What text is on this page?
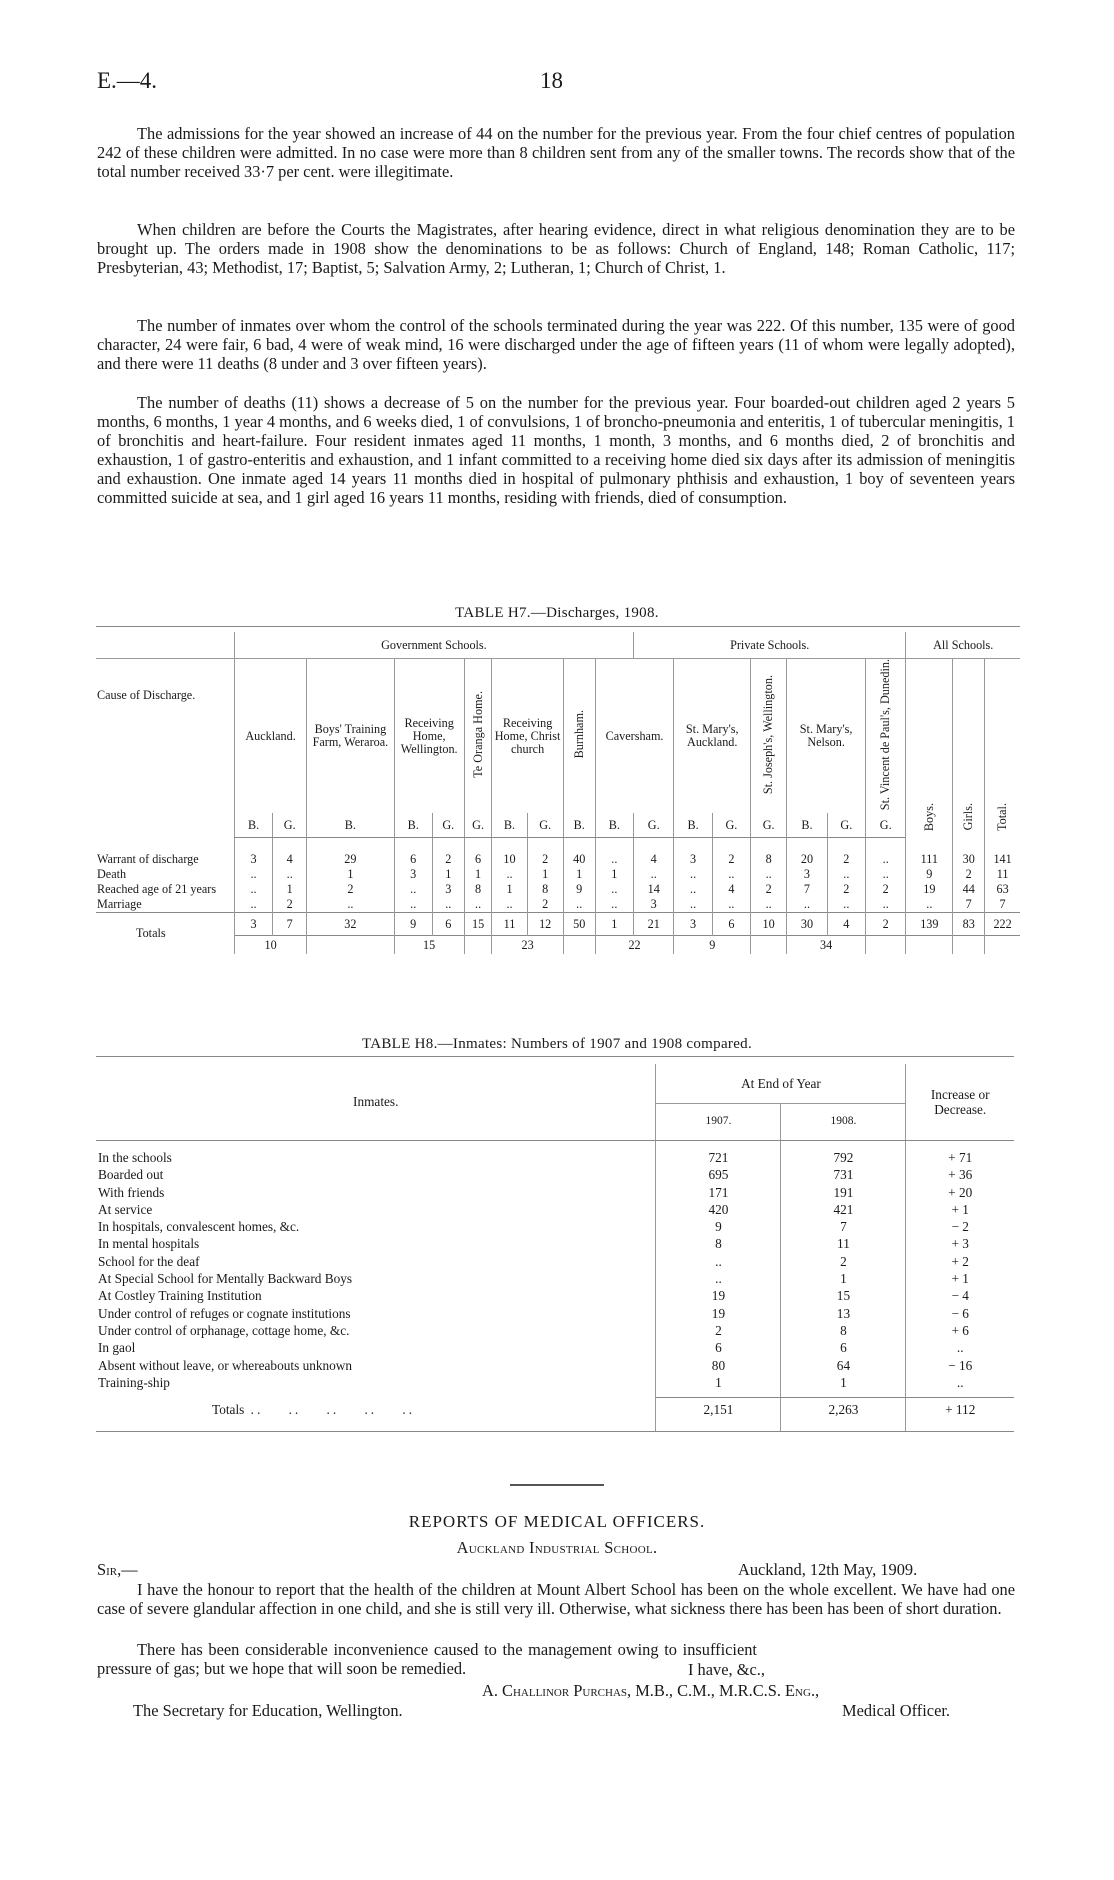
E.—4.	18

The admissions for the year showed an increase of 44 on the number for the previous year. From the four chief centres of population 242 of these children were admitted. In no case were more than 8 children sent from any of the smaller towns. The records show that of the total number received 33·7 per cent. were illegitimate.

When children are before the Courts the Magistrates, after hearing evidence, direct in what religious denomination they are to be brought up. The orders made in 1908 show the denominations to be as follows: Church of England, 148; Roman Catholic, 117; Presbyterian, 43; Methodist, 17; Baptist, 5; Salvation Army, 2; Lutheran, 1; Church of Christ, 1.

The number of inmates over whom the control of the schools terminated during the year was 222. Of this number, 135 were of good character, 24 were fair, 6 bad, 4 were of weak mind, 16 were discharged under the age of fifteen years (11 of whom were legally adopted), and there were 11 deaths (8 under and 3 over fifteen years).

The number of deaths (11) shows a decrease of 5 on the number for the previous year. Four boarded-out children aged 2 years 5 months, 6 months, 1 year 4 months, and 6 weeks died, 1 of convulsions, 1 of broncho-pneumonia and enteritis, 1 of tubercular meningitis, 1 of bronchitis and heart-failure. Four resident inmates aged 11 months, 1 month, 3 months, and 6 months died, 2 of bronchitis and exhaustion, 1 of gastro-enteritis and exhaustion, and 1 infant committed to a receiving home died six days after its admission of meningitis and exhaustion. One inmate aged 14 years 11 months died in hospital of pulmonary phthisis and exhaustion, 1 boy of seventeen years committed suicide at sea, and 1 girl aged 16 years 11 months, residing with friends, died of consumption.

TABLE H7.—Discharges, 1908.
	Government Schools.										Private Schools.							All Schools.		
Cause of Discharge.	Auckland.		Boys' Training Farm, Weraroa.	Receiving Home, Wellington.		Te Oranga Home.	Receiving Home, Christ church		Burnham.	Caversham.		St. Mary's, Auckland.		St. Joseph's, Wellington.	St. Mary's, Nelson.		St. Vincent de Paul's, Dunedin.	Boys.	Girls.	Total.
	B.	G.	B.	B.	G.	G.	B.	G.	B.	B.	G.	B.	G.	G.	B.	G.	G.			
Warrant of discharge	3	4	29	6	2	6	10	2	40	..	4	3	2	8	20	2	..	111	30	141
Death	..	..	1	3	1	1	..	1	1	1	..	..	..	..	3	..	..	9	2	11
Reached age of 21 years	..	1	2	..	3	8	1	8	9	..	14	..	4	2	7	2	2	19	44	63
Marriage	..	2	..	..	..	..	..	2	..	..	3	..	..	..	..	..	..	..	7	7
Totals	3	7	32	9	6	15	11	12	50	1	21	3	6	10	30	4	2	139	83	222
	10			15			23			22		9			34					
TABLE H8.—Inmates: Numbers of 1907 and 1908 compared.
Inmates.	At End of Year		Increase or Decrease.
	1907.	1908.	

In the schools	721	792	+ 71
Boarded out	695	731	+ 36
With friends	171	191	+ 20
At service	420	421	+ 1
In hospitals, convalescent homes, &c.	9	7	− 2
In mental hospitals	8	11	+ 3
School for the deaf	..	2	+ 2
At Special School for Mentally Backward Boys	..	1	+ 1
At Costley Training Institution	19	15	− 4
Under control of refuges or cognate institutions	19	13	− 6
Under control of orphanage, cottage home, &c.	2	8	+ 6
In gaol	6	6	..
Absent without leave, or whereabouts unknown	80	64	− 16
Training-ship	1	1	..

Totals ..    ..    ..    ..    ..	2,151	2,263	+ 112

REPORTS OF MEDICAL OFFICERS.
Auckland Industrial School.
Sir,—	Auckland, 12th May, 1909.

I have the honour to report that the health of the children at Mount Albert School has been on the whole excellent. We have had one case of severe glandular affection in one child, and she is still very ill. Otherwise, what sickness there has been has been of short duration.

There has been considerable inconvenience caused to the management owing to insufficient pressure of gas; but we hope that will soon be remedied.	I have, &c.,
A. Challinor Purchas, M.B., C.M., M.R.C.S. Eng.,
The Secretary for Education, Wellington.	Medical Officer.
